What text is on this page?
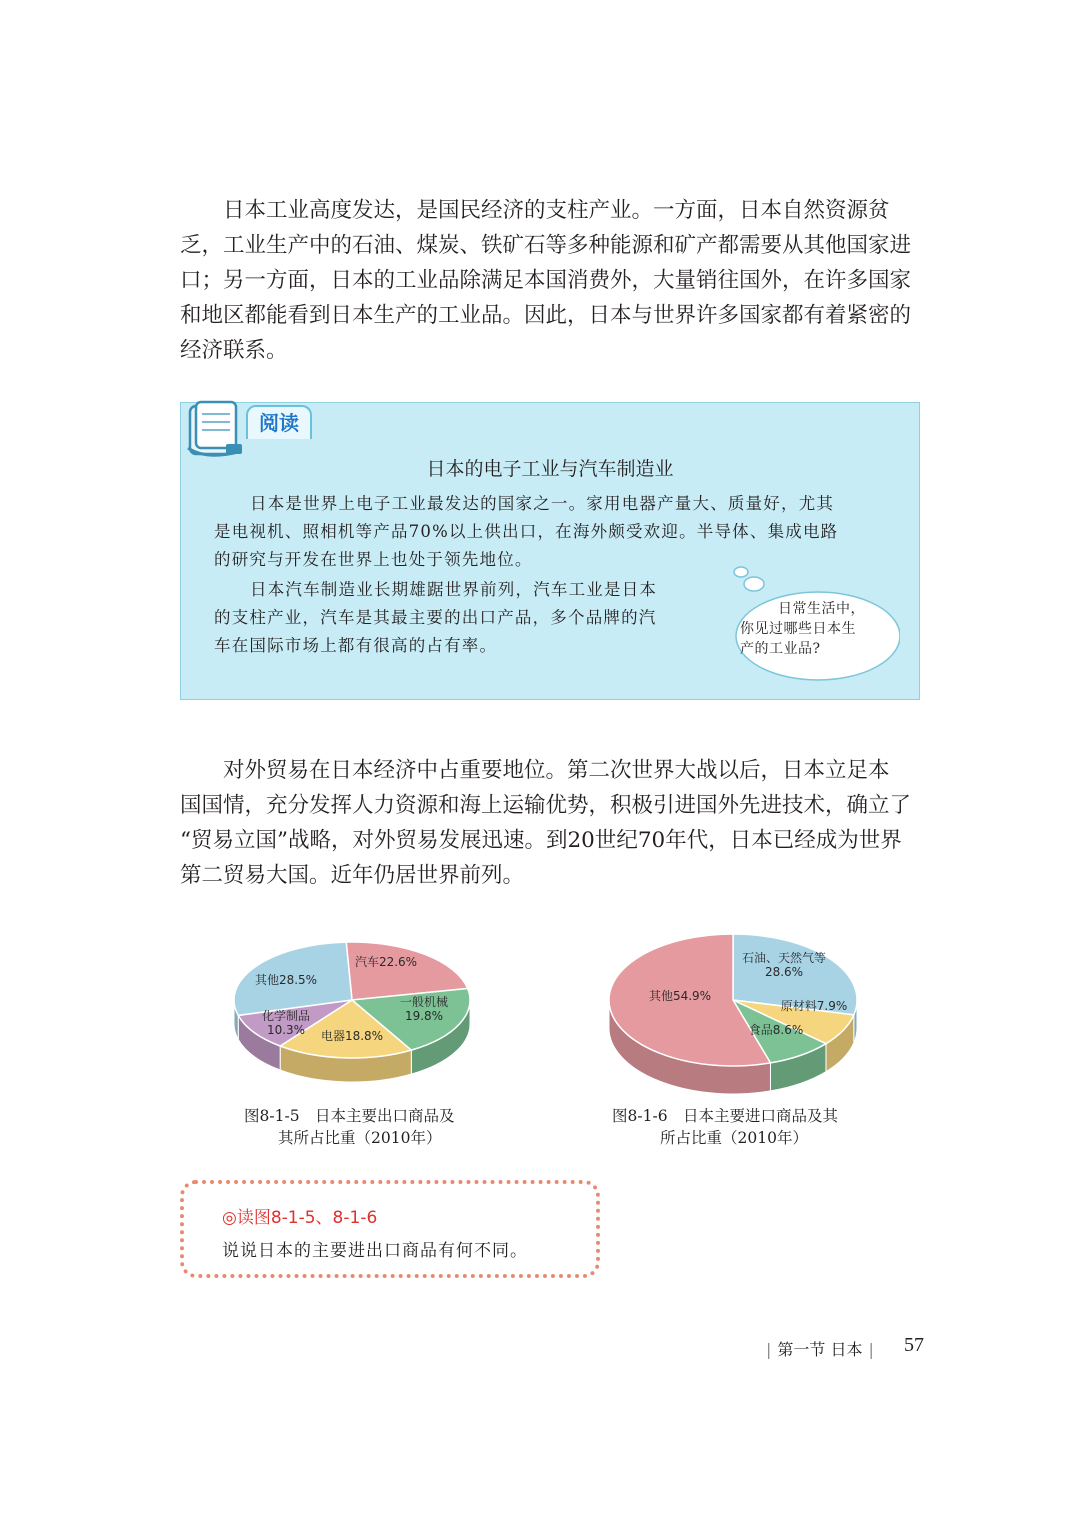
日本工业高度发达，是国民经济的支柱产业。一方面，日本自然资源贫
乏，工业生产中的石油、煤炭、铁矿石等多种能源和矿产都需要从其他国家进
口；另一方面，日本的工业品除满足本国消费外，大量销往国外，在许多国家
和地区都能看到日本生产的工业品。因此，日本与世界许多国家都有着紧密的
经济联系。
阅读
日本的电子工业与汽车制造业
日本是世界上电子工业最发达的国家之一。家用电器产量大、质量好，尤其
是电视机、照相机等产品70%以上供出口，在海外颇受欢迎。半导体、集成电路
的研究与开发在世界上也处于领先地位。
日本汽车制造业长期雄踞世界前列，汽车工业是日本
的支柱产业，汽车是其最主要的出口产品，多个品牌的汽
车在国际市场上都有很高的占有率。
日常生活中，
你见过哪些日本生
产的工业品?
对外贸易在日本经济中占重要地位。第二次世界大战以后，日本立足本
国国情，充分发挥人力资源和海上运输优势，积极引进国外先进技术，确立了
“贸易立国”战略，对外贸易发展迅速。到20世纪70年代，日本已经成为世界
第二贸易大国。近年仍居世界前列。
汽车22.6%
一般机械 19.8%
电器18.8%
化学制品 10.3%
其他28.5%
石油、天然气等 28.6%
原材料7.9%
食品8.6%
其他54.9%
图8-1-5　日本主要出口商品及
其所占比重（2010年）
图8-1-6　日本主要进口商品及其
所占比重（2010年）
◎读图8-1-5、8-1-6
说说日本的主要进出口商品有何不同。
| 第一节 日本 |	57
